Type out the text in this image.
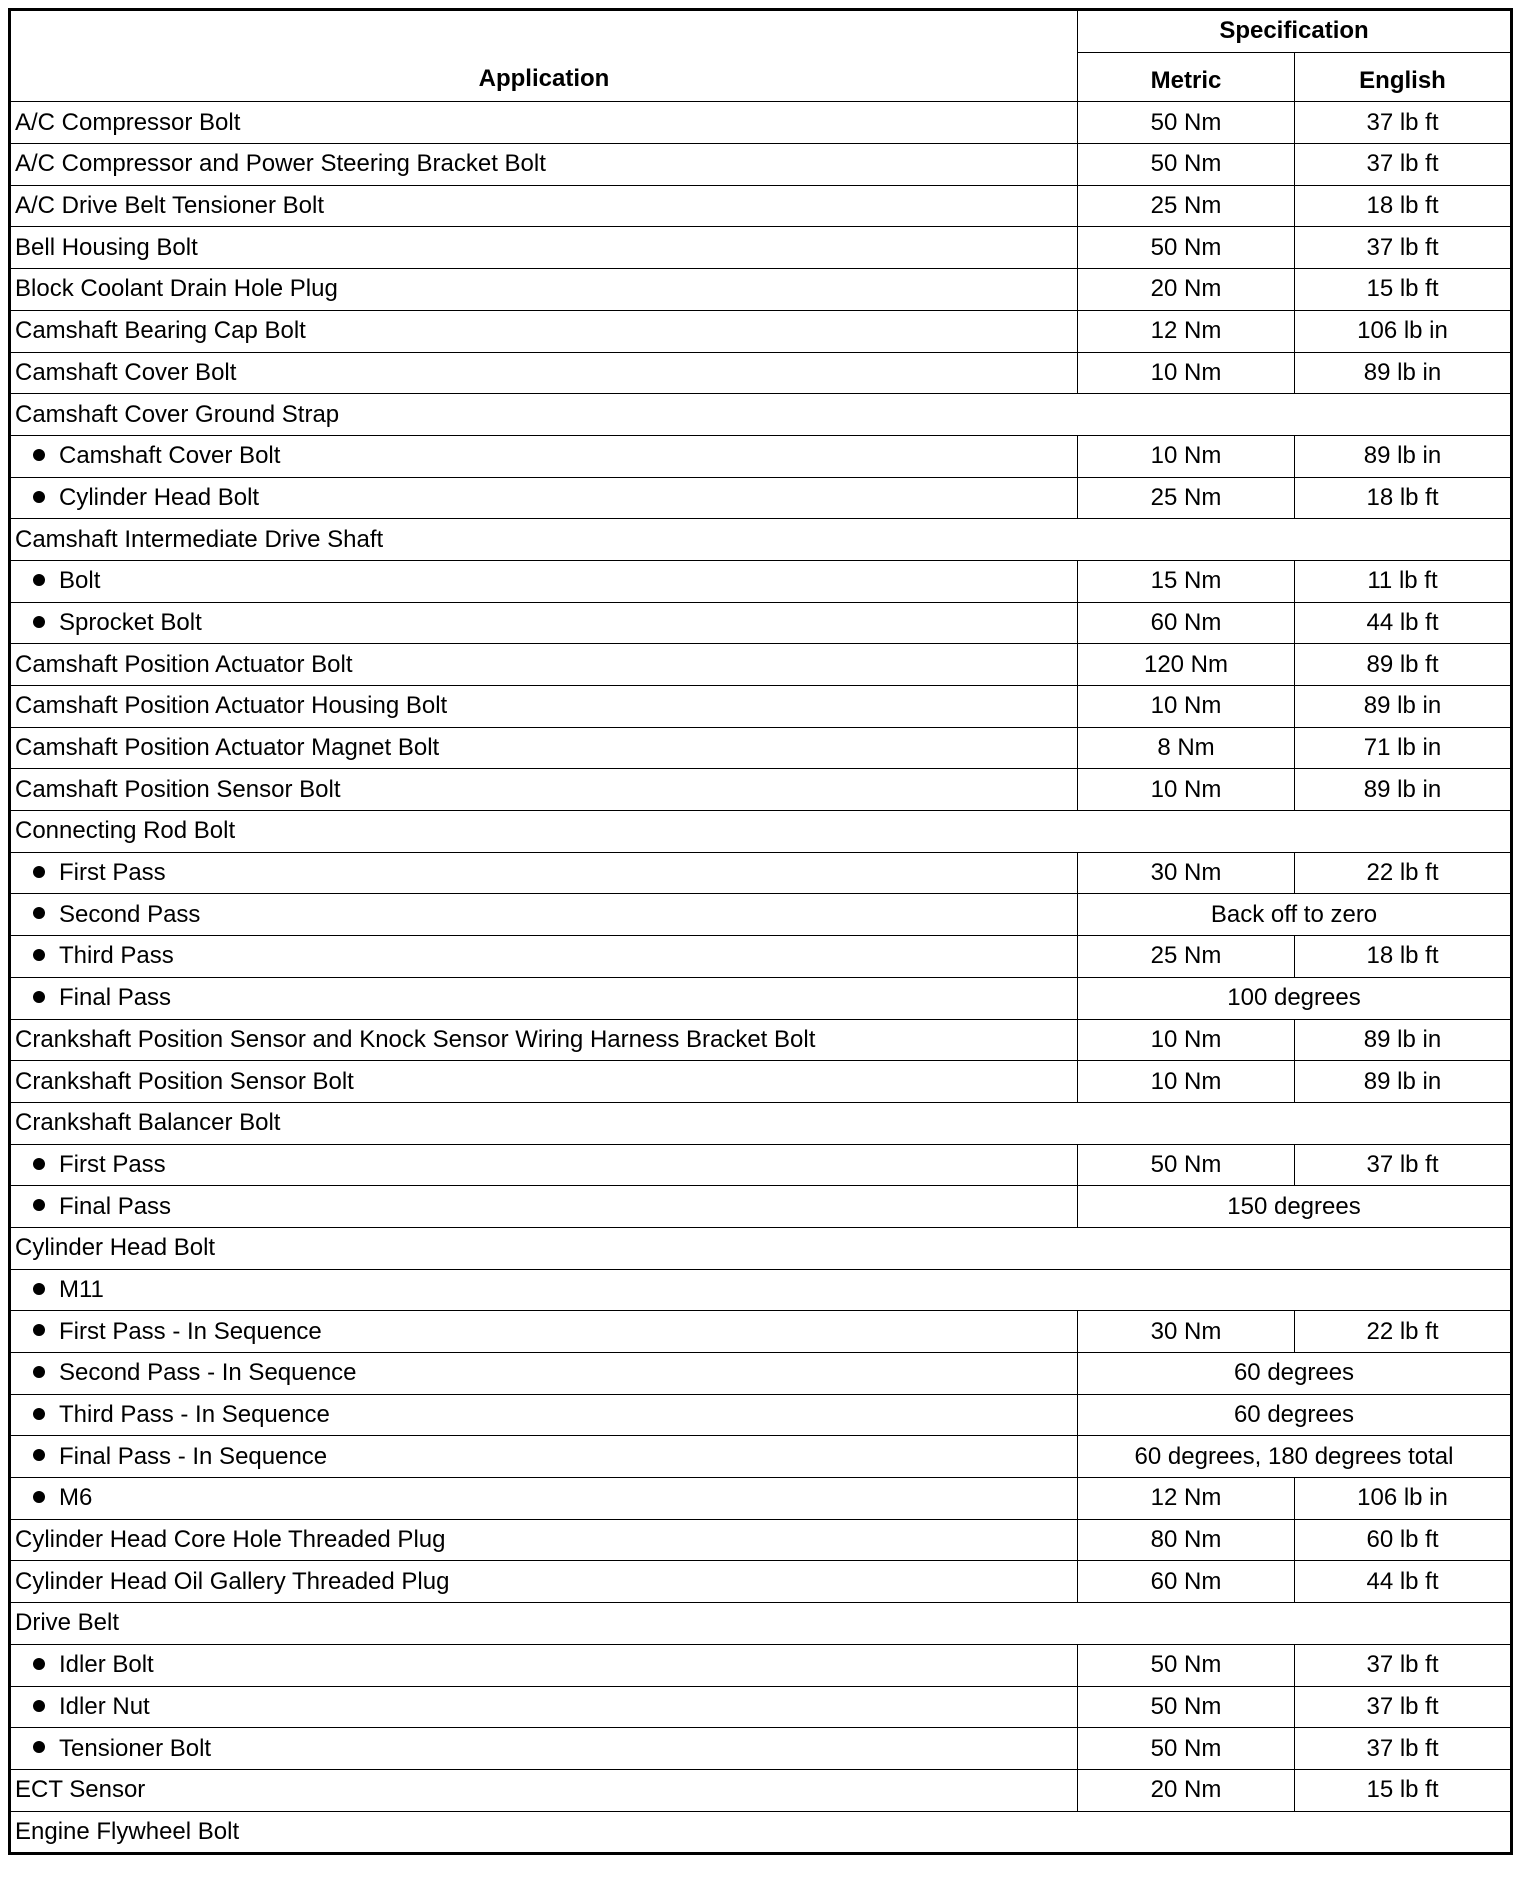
Application	Specification	
	Metric	English
A/C Compressor Bolt	50 Nm	37 lb ft
A/C Compressor and Power Steering Bracket Bolt	50 Nm	37 lb ft
A/C Drive Belt Tensioner Bolt	25 Nm	18 lb ft
Bell Housing Bolt	50 Nm	37 lb ft
Block Coolant Drain Hole Plug	20 Nm	15 lb ft
Camshaft Bearing Cap Bolt	12 Nm	106 lb in
Camshaft Cover Bolt	10 Nm	89 lb in
Camshaft Cover Ground Strap		
Camshaft Cover Bolt	10 Nm	89 lb in
Cylinder Head Bolt	25 Nm	18 lb ft
Camshaft Intermediate Drive Shaft		
Bolt	15 Nm	11 lb ft
Sprocket Bolt	60 Nm	44 lb ft
Camshaft Position Actuator Bolt	120 Nm	89 lb ft
Camshaft Position Actuator Housing Bolt	10 Nm	89 lb in
Camshaft Position Actuator Magnet Bolt	8 Nm	71 lb in
Camshaft Position Sensor Bolt	10 Nm	89 lb in
Connecting Rod Bolt		
First Pass	30 Nm	22 lb ft
Second Pass	Back off to zero	
Third Pass	25 Nm	18 lb ft
Final Pass	100 degrees	
Crankshaft Position Sensor and Knock Sensor Wiring Harness Bracket Bolt	10 Nm	89 lb in
Crankshaft Position Sensor Bolt	10 Nm	89 lb in
Crankshaft Balancer Bolt		
First Pass	50 Nm	37 lb ft
Final Pass	150 degrees	
Cylinder Head Bolt		
M11		
First Pass - In Sequence	30 Nm	22 lb ft
Second Pass - In Sequence	60 degrees	
Third Pass - In Sequence	60 degrees	
Final Pass - In Sequence	60 degrees, 180 degrees total	
M6	12 Nm	106 lb in
Cylinder Head Core Hole Threaded Plug	80 Nm	60 lb ft
Cylinder Head Oil Gallery Threaded Plug	60 Nm	44 lb ft
Drive Belt		
Idler Bolt	50 Nm	37 lb ft
Idler Nut	50 Nm	37 lb ft
Tensioner Bolt	50 Nm	37 lb ft
ECT Sensor	20 Nm	15 lb ft
Engine Flywheel Bolt		
